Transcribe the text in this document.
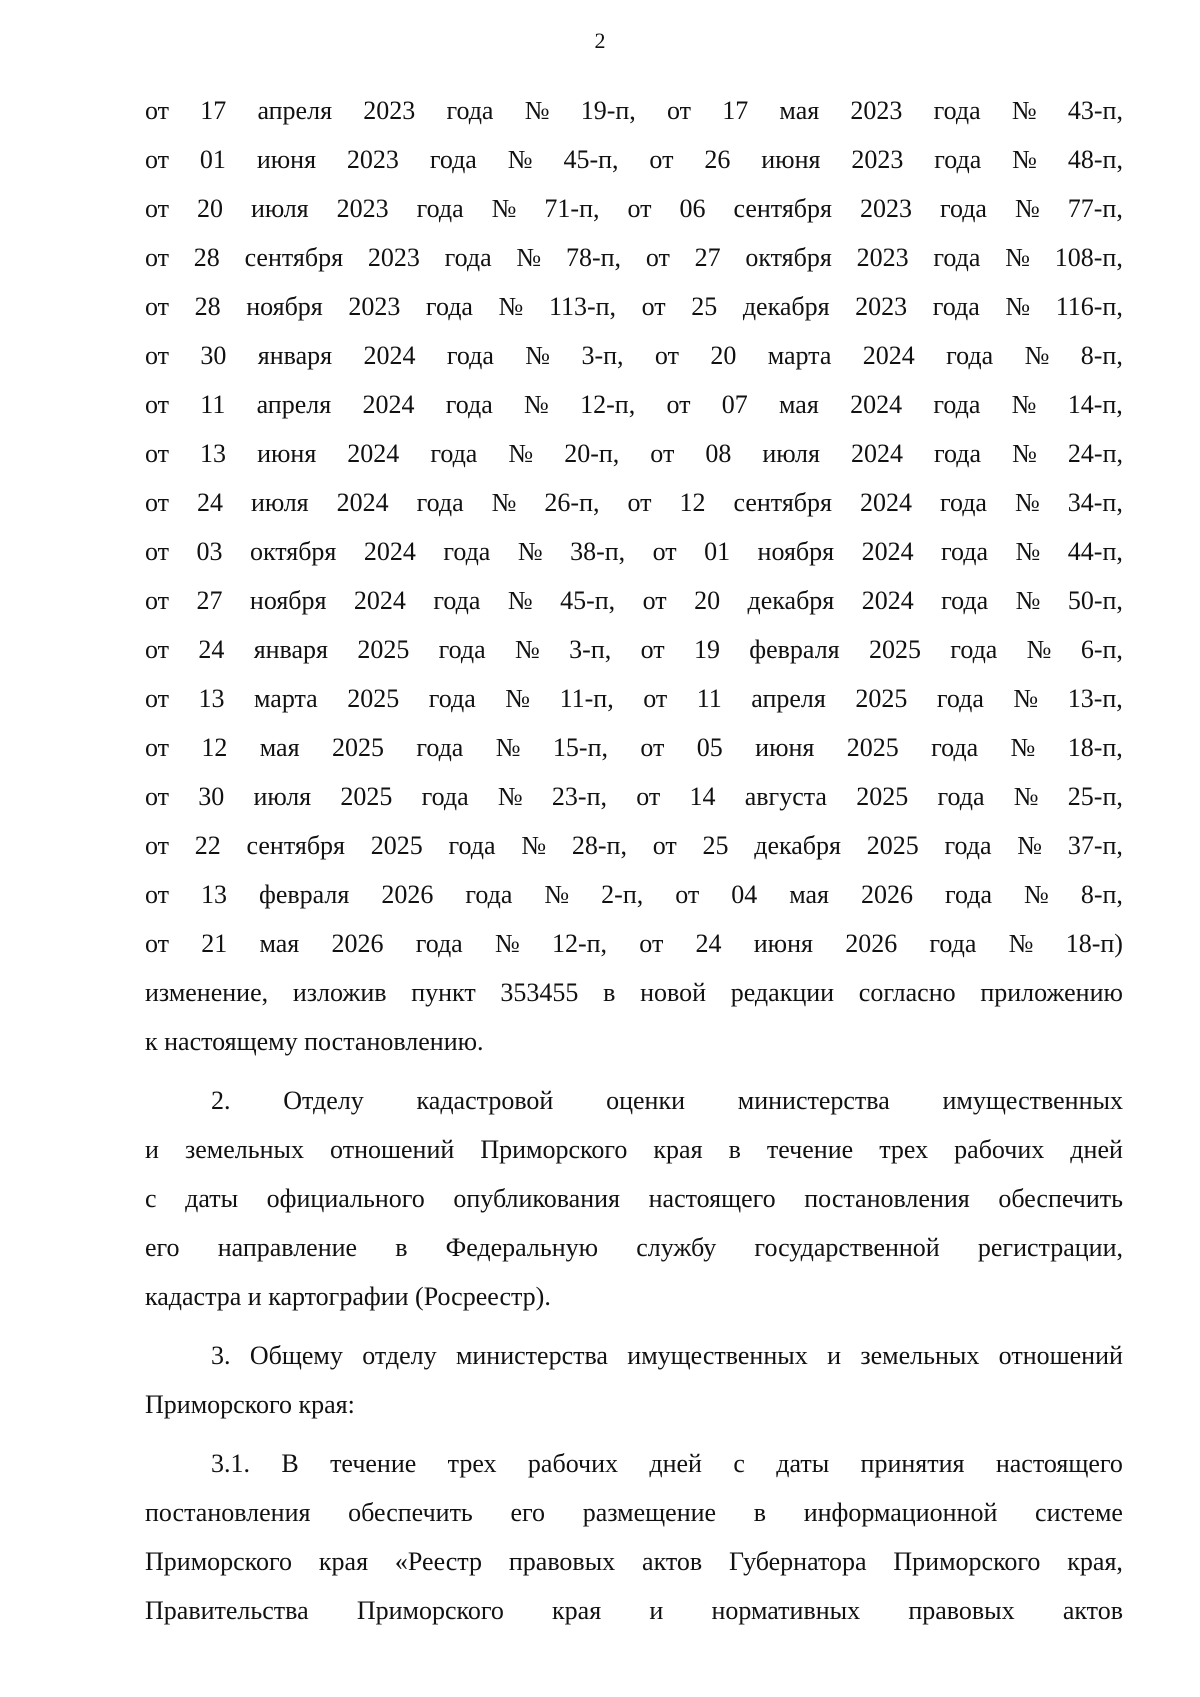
2
от 17 апреля 2023 года № 19-п, от 17 мая 2023 года № 43-п,
от 01 июня 2023 года № 45-п, от 26 июня 2023 года № 48-п,
от 20 июля 2023 года № 71-п, от 06 сентября 2023 года № 77-п,
от 28 сентября 2023 года № 78-п, от 27 октября 2023 года № 108-п,
от 28 ноября 2023 года № 113-п, от 25 декабря 2023 года № 116-п,
от 30 января 2024 года № 3-п, от 20 марта 2024 года № 8-п,
от 11 апреля 2024 года № 12-п, от 07 мая 2024 года № 14-п,
от 13 июня 2024 года № 20-п, от 08 июля 2024 года № 24-п,
от 24 июля 2024 года № 26-п, от 12 сентября 2024 года № 34-п,
от 03 октября 2024 года № 38-п, от 01 ноября 2024 года № 44-п,
от 27 ноября 2024 года № 45-п, от 20 декабря 2024 года № 50-п,
от 24 января 2025 года № 3-п, от 19 февраля 2025 года № 6-п,
от 13 марта 2025 года № 11-п, от 11 апреля 2025 года № 13-п,
от 12 мая 2025 года № 15-п, от 05 июня 2025 года № 18-п,
от 30 июля 2025 года № 23-п, от 14 августа 2025 года № 25-п,
от 22 сентября 2025 года № 28-п, от 25 декабря 2025 года № 37-п,
от 13 февраля 2026 года № 2-п, от 04 мая 2026 года № 8-п,
от 21 мая 2026 года № 12-п, от 24 июня 2026 года № 18-п)
изменение, изложив пункт 353455 в новой редакции согласно приложению
к настоящему постановлению.
2. Отделу кадастровой оценки министерства имущественных
и земельных отношений Приморского края в течение трех рабочих дней
с даты официального опубликования настоящего постановления обеспечить
его направление в Федеральную службу государственной регистрации,
кадастра и картографии (Росреестр).
3. Общему отделу министерства имущественных и земельных отношений
Приморского края:
3.1. В течение трех рабочих дней с даты принятия настоящего
постановления обеспечить его размещение в информационной системе
Приморского края «Реестр правовых актов Губернатора Приморского края,
Правительства Приморского края и нормативных правовых актов
